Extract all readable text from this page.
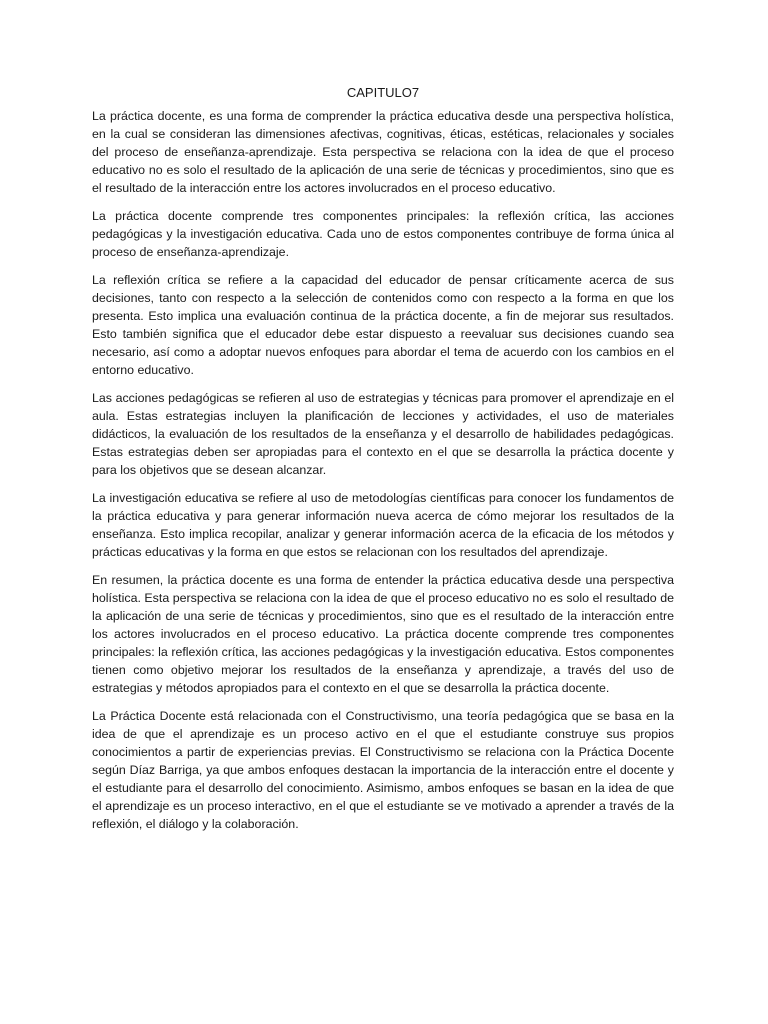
CAPITULO7

La práctica docente, es una forma de comprender la práctica educativa desde una perspectiva holística, en la cual se consideran las dimensiones afectivas, cognitivas, éticas, estéticas, relacionales y sociales del proceso de enseñanza-aprendizaje. Esta perspectiva se relaciona con la idea de que el proceso educativo no es solo el resultado de la aplicación de una serie de técnicas y procedimientos, sino que es el resultado de la interacción entre los actores involucrados en el proceso educativo.

La práctica docente comprende tres componentes principales: la reflexión crítica, las acciones pedagógicas y la investigación educativa. Cada uno de estos componentes contribuye de forma única al proceso de enseñanza-aprendizaje.

La reflexión crítica se refiere a la capacidad del educador de pensar críticamente acerca de sus decisiones, tanto con respecto a la selección de contenidos como con respecto a la forma en que los presenta. Esto implica una evaluación continua de la práctica docente, a fin de mejorar sus resultados. Esto también significa que el educador debe estar dispuesto a reevaluar sus decisiones cuando sea necesario, así como a adoptar nuevos enfoques para abordar el tema de acuerdo con los cambios en el entorno educativo.

Las acciones pedagógicas se refieren al uso de estrategias y técnicas para promover el aprendizaje en el aula. Estas estrategias incluyen la planificación de lecciones y actividades, el uso de materiales didácticos, la evaluación de los resultados de la enseñanza y el desarrollo de habilidades pedagógicas. Estas estrategias deben ser apropiadas para el contexto en el que se desarrolla la práctica docente y para los objetivos que se desean alcanzar.

La investigación educativa se refiere al uso de metodologías científicas para conocer los fundamentos de la práctica educativa y para generar información nueva acerca de cómo mejorar los resultados de la enseñanza. Esto implica recopilar, analizar y generar información acerca de la eficacia de los métodos y prácticas educativas y la forma en que estos se relacionan con los resultados del aprendizaje.

En resumen, la práctica docente es una forma de entender la práctica educativa desde una perspectiva holística. Esta perspectiva se relaciona con la idea de que el proceso educativo no es solo el resultado de la aplicación de una serie de técnicas y procedimientos, sino que es el resultado de la interacción entre los actores involucrados en el proceso educativo. La práctica docente comprende tres componentes principales: la reflexión crítica, las acciones pedagógicas y la investigación educativa. Estos componentes tienen como objetivo mejorar los resultados de la enseñanza y aprendizaje, a través del uso de estrategias y métodos apropiados para el contexto en el que se desarrolla la práctica docente.

La Práctica Docente está relacionada con el Constructivismo, una teoría pedagógica que se basa en la idea de que el aprendizaje es un proceso activo en el que el estudiante construye sus propios conocimientos a partir de experiencias previas. El Constructivismo se relaciona con la Práctica Docente según Díaz Barriga, ya que ambos enfoques destacan la importancia de la interacción entre el docente y el estudiante para el desarrollo del conocimiento. Asimismo, ambos enfoques se basan en la idea de que el aprendizaje es un proceso interactivo, en el que el estudiante se ve motivado a aprender a través de la reflexión, el diálogo y la colaboración.
